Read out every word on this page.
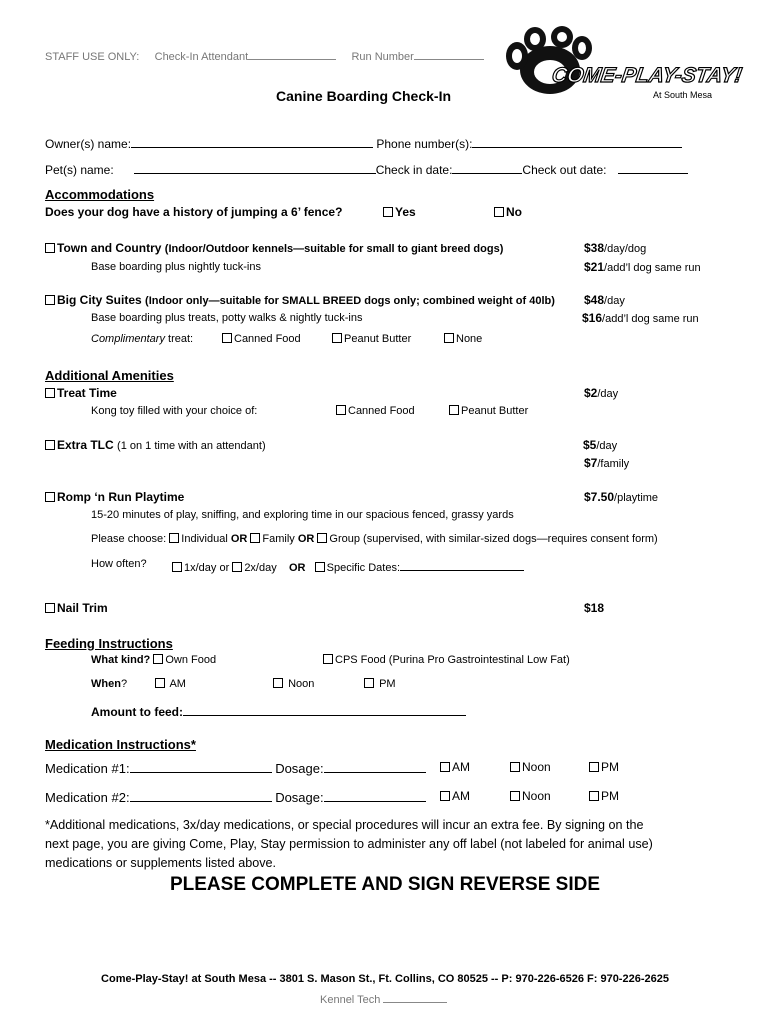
STAFF USE ONLY: Check-In Attendant	Run Number
COME-PLAY-STAY!
At South Mesa
Canine Boarding Check-In
Owner(s) name:	Phone number(s):
Pet(s) name:	Check in date:	Check out date:
Accommodations
Does your dog have a history of jumping a 6’ fence?	Yes	No
Town and Country (Indoor/Outdoor kennels—suitable for small to giant breed dogs)	$38/day/dog
Base boarding plus nightly tuck-ins	$21/add’l dog same run
Big City Suites (Indoor only—suitable for SMALL BREED dogs only; combined weight of 40lb) $48/day
Base boarding plus treats, potty walks & nightly tuck-ins	$16/add’l dog same run
Complimentary treat:	Canned Food	Peanut Butter	None
Additional Amenities
Treat Time	$2/day
Kong toy filled with your choice of:	Canned Food	Peanut Butter
Extra TLC (1 on 1 time with an attendant)	$5/day
$7/family
Romp ‘n Run Playtime	$7.50/playtime
15-20 minutes of play, sniffing, and exploring time in our spacious fenced, grassy yards
Please choose: Individual OR Family OR Group (supervised, with similar-sized dogs—requires consent form)
How often?	1x/day or 2x/day OR Specific Dates:
Nail Trim	$18
Feeding Instructions
What kind? Own Food	CPS Food (Purina Pro Gastrointestinal Low Fat)
When?	AM	Noon	PM
Amount to feed:
Medication Instructions*
Medication #1:	Dosage:	AM	Noon	PM
Medication #2:	Dosage:	AM	Noon	PM
*Additional medications, 3x/day medications, or special procedures will incur an extra fee. By signing on the
next page, you are giving Come, Play, Stay permission to administer any off label (not labeled for animal use)
medications or supplements listed above.
PLEASE COMPLETE AND SIGN REVERSE SIDE
Come-Play-Stay! at South Mesa -- 3801 S. Mason St., Ft. Collins, CO 80525 -- P: 970-226-6526 F: 970-226-2625
Kennel Tech
